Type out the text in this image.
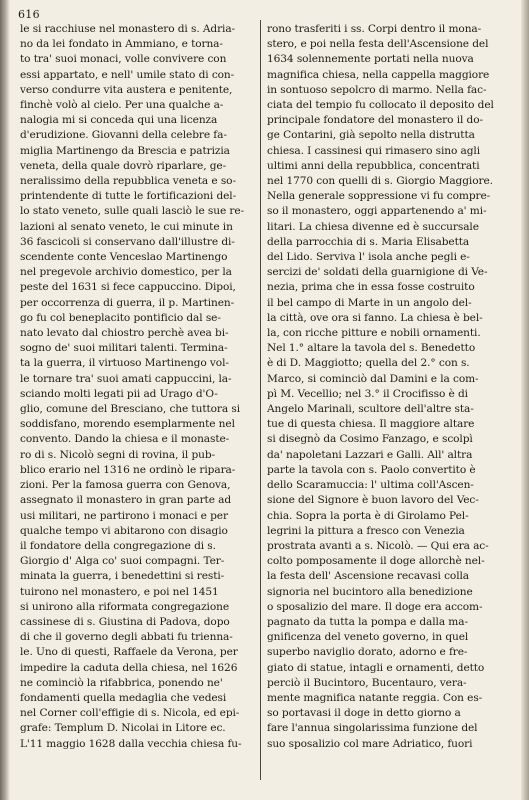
616
le si racchiuse nel monastero di s. Adria-
no da lei fondato in Ammiano, e torna-
to tra' suoi monaci, volle convivere con
essi appartato, e nell' umile stato di con-
verso condurre vita austera e penitente,
finchè volò al cielo. Per una qualche a-
nalogia mi si conceda qui una licenza
d'erudizione. Giovanni della celebre fa-
miglia Martinengo da Brescia e patrizia
veneta, della quale dovrò riparlare, ge-
neralissimo della repubblica veneta e so-
printendente di tutte le fortificazioni del-
lo stato veneto, sulle quali lasciò le sue re-
lazioni al senato veneto, le cui minute in
36 fascicoli si conservano dall'illustre di-
scendente conte Venceslao Martinengo
nel pregevole archivio domestico, per la
peste del 1631 si fece cappuccino. Dipoi,
per occorrenza di guerra, il p. Martinen-
go fu col beneplacito pontificio dal se-
nato levato dal chiostro perchè avea bi-
sogno de' suoi militari talenti. Termina-
ta la guerra, il virtuoso Martinengo vol-
le tornare tra' suoi amati cappuccini, la-
sciando molti legati pii ad Urago d'O-
glio, comune del Bresciano, che tuttora si
soddisfano, morendo esemplarmente nel
convento. Dando la chiesa e il monaste-
ro di s. Nicolò segni di rovina, il pub-
blico erario nel 1316 ne ordinò le ripara-
zioni. Per la famosa guerra con Genova,
assegnato il monastero in gran parte ad
usi militari, ne partirono i monaci e per
qualche tempo vi abitarono con disagio
il fondatore della congregazione di s.
Giorgio d' Alga co' suoi compagni. Ter-
minata la guerra, i benedettini si resti-
tuirono nel monastero, e poi nel 1451
si unirono alla riformata congregazione
cassinese di s. Giustina di Padova, dopo
di che il governo degli abbati fu trienna-
le. Uno di questi, Raffaele da Verona, per
impedire la caduta della chiesa, nel 1626
ne cominciò la rifabbrica, ponendo ne'
fondamenti quella medaglia che vedesi
nel Corner coll'effigie di s. Nicola, ed epi-
grafe: Templum D. Nicolai in Litore ec.
L'11 maggio 1628 dalla vecchia chiesa fu-
rono trasferiti i ss. Corpi dentro il mona-
stero, e poi nella festa dell'Ascensione del
1634 solennemente portati nella nuova
magnifica chiesa, nella cappella maggiore
in sontuoso sepolcro di marmo. Nella fac-
ciata del tempio fu collocato il deposito del
principale fondatore del monastero il do-
ge Contarini, già sepolto nella distrutta
chiesa. I cassinesi qui rimasero sino agli
ultimi anni della repubblica, concentrati
nel 1770 con quelli di s. Giorgio Maggiore.
Nella generale soppressione vi fu compre-
so il monastero, oggi appartenendo a' mi-
litari. La chiesa divenne ed è succursale
della parrocchia di s. Maria Elisabetta
del Lido. Serviva l' isola anche pegli e-
sercizi de' soldati della guarnigione di Ve-
nezia, prima che in essa fosse costruito
il bel campo di Marte in un angolo del-
la città, ove ora si fanno. La chiesa è bel-
la, con ricche pitture e nobili ornamenti.
Nel 1.° altare la tavola del s. Benedetto
è di D. Maggiotto; quella del 2.° con s.
Marco, si cominciò dal Damini e la com-
pì M. Vecellio; nel 3.° il Crocifisso è di
Angelo Marinali, scultore dell'altre sta-
tue di questa chiesa. Il maggiore altare
si disegnò da Cosimo Fanzago, e scolpì
da' napoletani Lazzari e Galli. All' altra
parte la tavola con s. Paolo convertito è
dello Scaramuccia: l' ultima coll'Ascen-
sione del Signore è buon lavoro del Vec-
chia. Sopra la porta è di Girolamo Pel-
legrini la pittura a fresco con Venezia
prostrata avanti a s. Nicolò. — Qui era ac-
colto pomposamente il doge allorchè nel-
la festa dell' Ascensione recavasi colla
signoria nel bucintoro alla benedizione
o sposalizio del mare. Il doge era accom-
pagnato da tutta la pompa e dalla ma-
gnificenza del veneto governo, in quel
superbo naviglio dorato, adorno e fre-
giato di statue, intagli e ornamenti, detto
perciò il Bucintoro, Bucentauro, vera-
mente magnifica natante reggia. Con es-
so portavasi il doge in detto giorno a
fare l'annua singolarissima funzione del
suo sposalizio col mare Adriatico, fuori
